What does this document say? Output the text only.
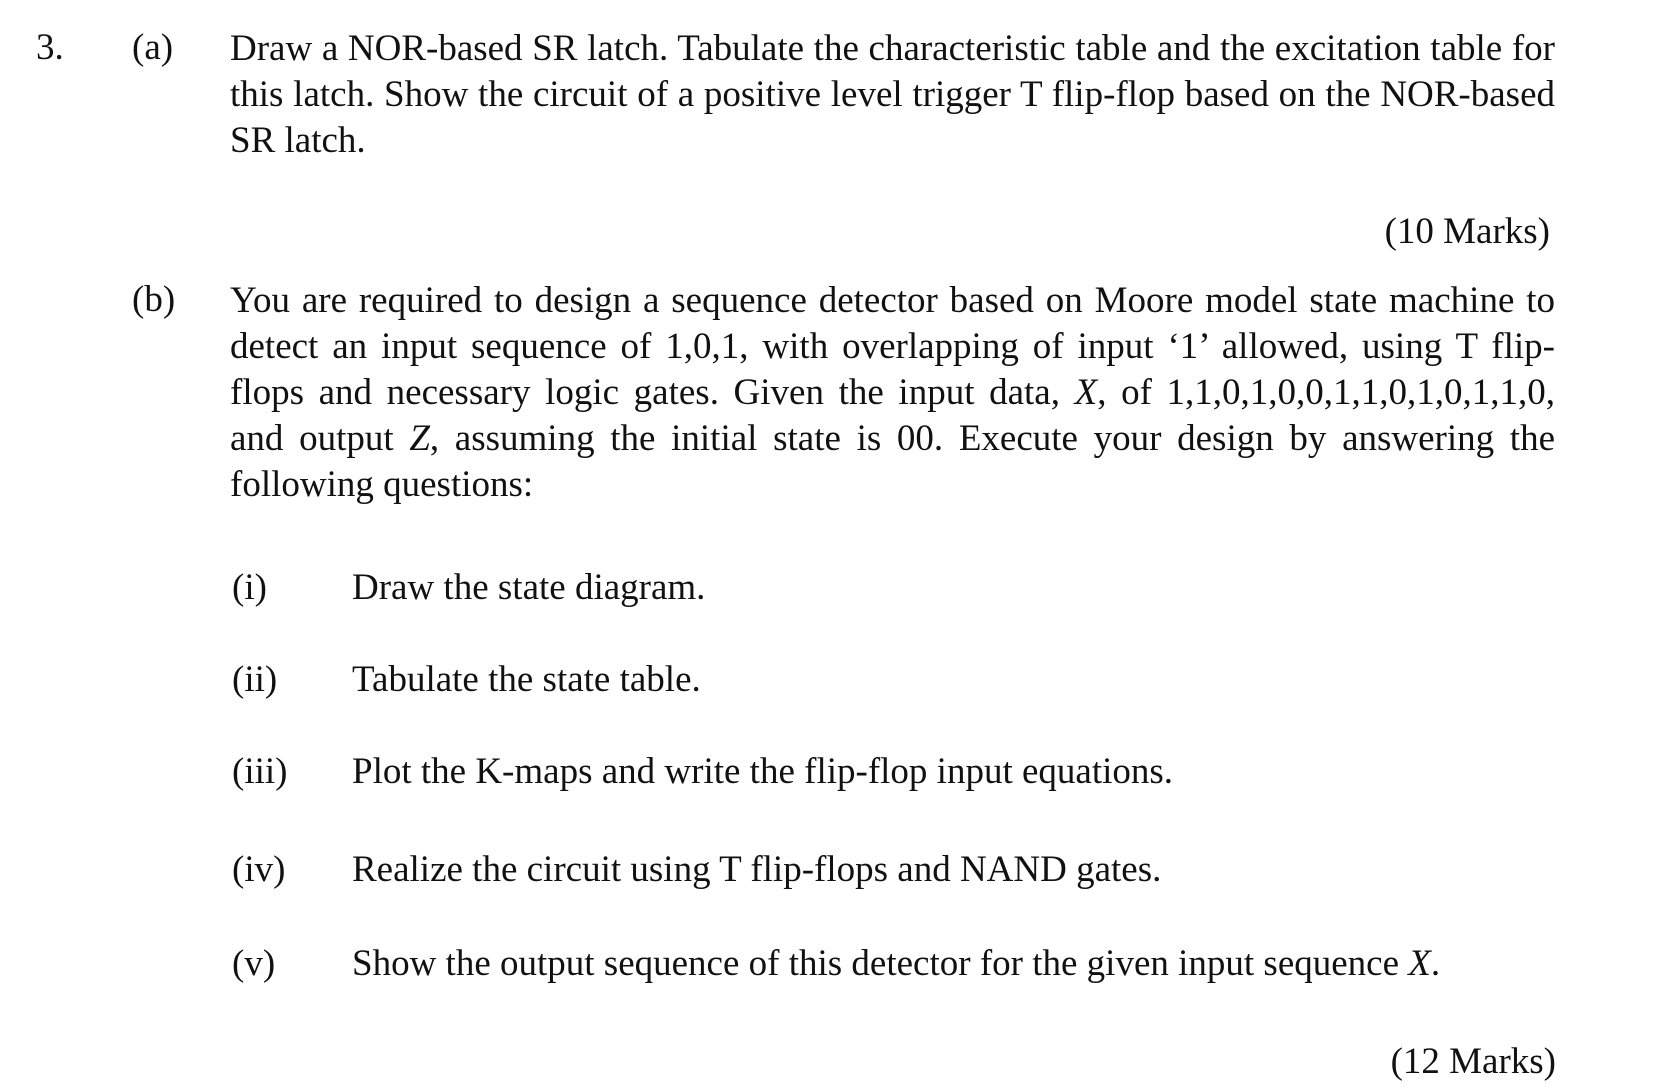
3. (a) Draw a NOR-based SR latch. Tabulate the characteristic table and the excitation table for this latch. Show the circuit of a positive level trigger T flip-flop based on the NOR-based SR latch.
(10 Marks)
(b) You are required to design a sequence detector based on Moore model state machine to detect an input sequence of 1,0,1, with overlapping of input ‘1’ allowed, using T flip-flops and necessary logic gates. Given the input data, X, of 1,1,0,1,0,0,1,1,0,1,0,1,1,0, and output Z, assuming the initial state is 00. Execute your design by answering the following questions:
(i) Draw the state diagram.
(ii) Tabulate the state table.
(iii) Plot the K-maps and write the flip-flop input equations.
(iv) Realize the circuit using T flip-flops and NAND gates.
(v) Show the output sequence of this detector for the given input sequence X.
(12 Marks)
